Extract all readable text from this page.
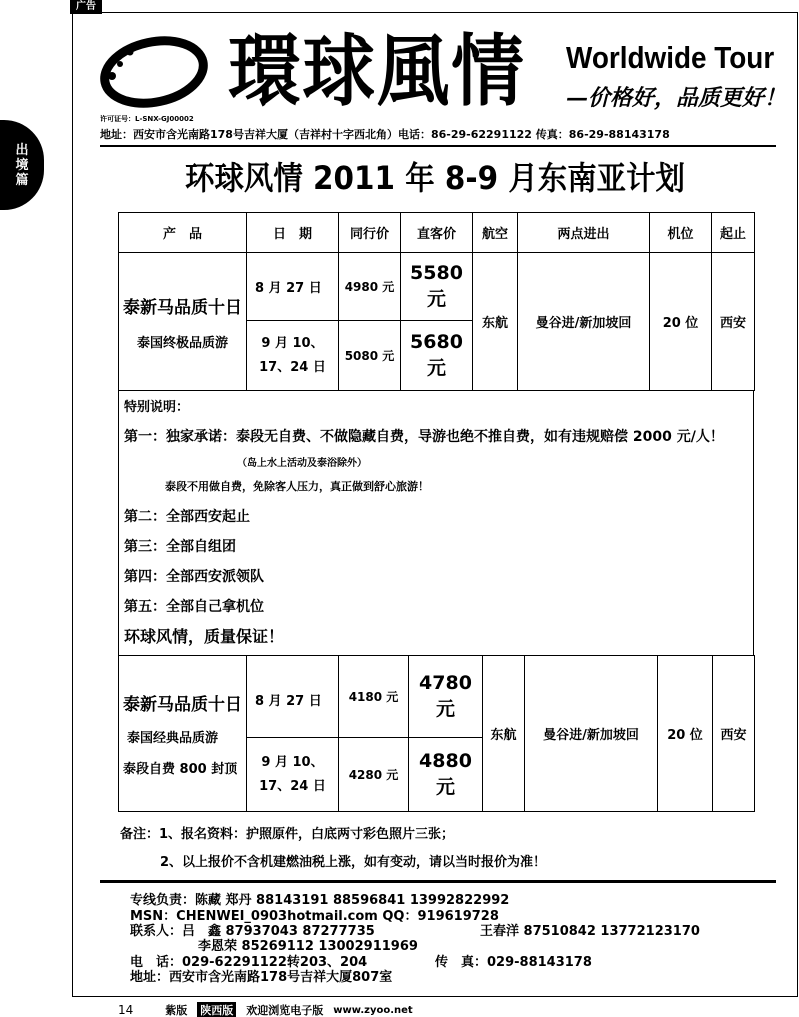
广告
出
境
篇
環球風情 Worldwide Tour
—价格好，品质更好！
许可证号：L-SNX-GJ00002
地址：西安市含光南路178号吉祥大厦（吉祥村十字西北角）电话：86-29-62291122 传真：86-29-88143178
环球风情 2011 年 8-9 月东南亚计划
产　品	日　期	同行价	直客价	航空	两点进出	机位	起止

泰新马品质十日
泰国终极品质游	8 月 27 日	4980 元	5580 元	东航	曼谷进/新加坡回	20 位	西安
	9 月 10、17、24 日	5080 元	5680 元				
特别说明：
第一：独家承诺：泰段无自费、不做隐藏自费，导游也绝不推自费，如有违规赔偿 2000 元/人！
（岛上水上活动及泰浴除外）
泰段不用做自费，免除客人压力，真正做到舒心旅游！
第二：全部西安起止
第三：全部自组团
第四：全部西安派领队
第五：全部自己拿机位
环球风情，质量保证！
泰新马品质十日
泰国经典品质游
泰段自费 800 封顶	8 月 27 日	4180 元	4780 元	东航	曼谷进/新加坡回	20 位	西安
	9 月 10、17、24 日	4280 元	4880 元				
备注：1、报名资料：护照原件，白底两寸彩色照片三张；
2、以上报价不含机建燃油税上涨，如有变动，请以当时报价为准！
专线负责：陈藏 郑丹 88143191 88596841 13992822992
MSN：CHENWEI_0903hotmail.com QQ：919619728
联系人：吕　鑫 87937043 87277735	王春洋 87510842 13772123170
李恩荣 85269112 13002911969
电　话：029-62291122转203、204	传　真：029-88143178
地址：西安市含光南路178号吉祥大厦807室
14	紫版 陕西版 欢迎浏览电子版 www.zyoo.net
